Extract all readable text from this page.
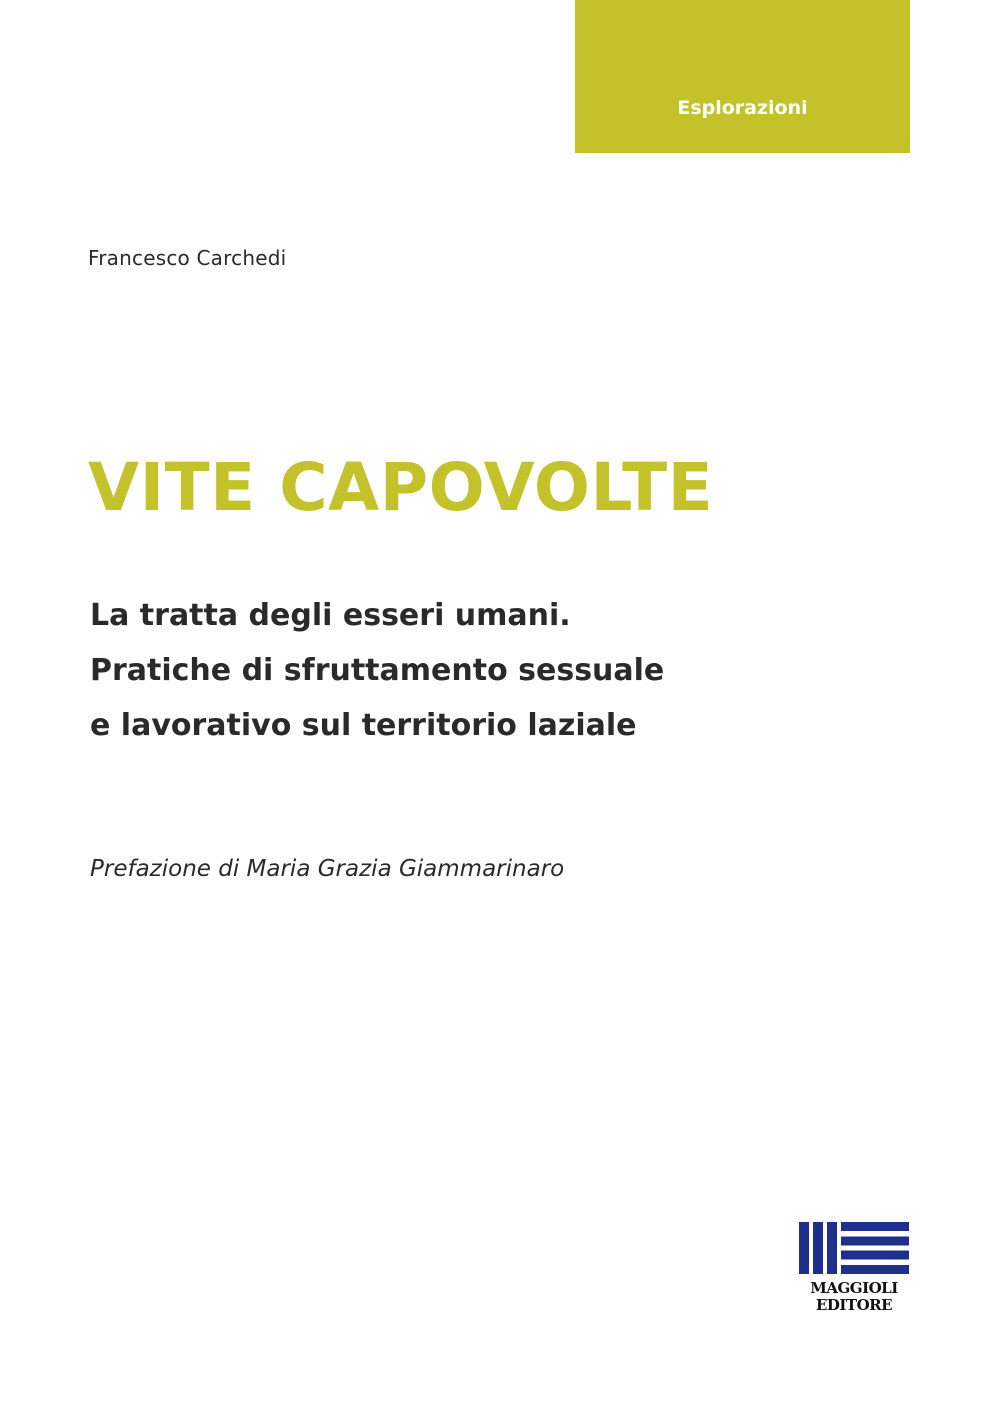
Esplorazioni
Francesco Carchedi
VITE CAPOVOLTE
La tratta degli esseri umani.
Pratiche di sfruttamento sessuale
e lavorativo sul territorio laziale
Prefazione di Maria Grazia Giammarinaro
MAGGIOLI
EDITORE
